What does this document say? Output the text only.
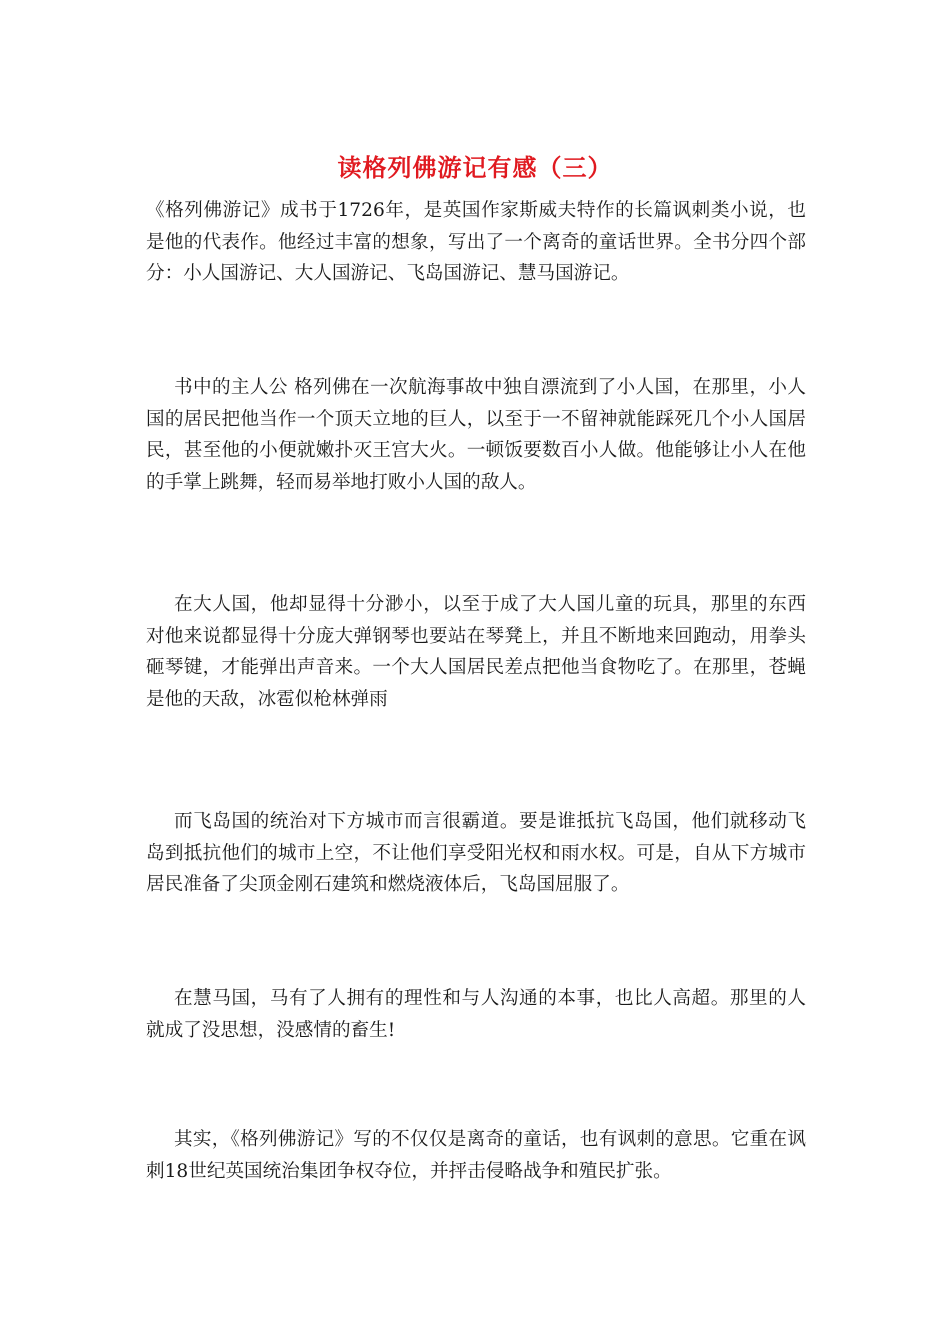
读格列佛游记有感（三）

《格列佛游记》成书于1726年，是英国作家斯威夫特作的长篇讽刺类小说，也是他的代表作。他经过丰富的想象，写出了一个离奇的童话世界。全书分四个部分：小人国游记、大人国游记、飞岛国游记、慧马国游记。

书中的主人公 格列佛在一次航海事故中独自漂流到了小人国，在那里，小人国的居民把他当作一个顶天立地的巨人，以至于一不留神就能踩死几个小人国居民，甚至他的小便就嫩扑灭王宫大火。一顿饭要数百小人做。他能够让小人在他的手掌上跳舞，轻而易举地打败小人国的敌人。

在大人国，他却显得十分渺小，以至于成了大人国儿童的玩具，那里的东西对他来说都显得十分庞大弹钢琴也要站在琴凳上，并且不断地来回跑动，用拳头砸琴键，才能弹出声音来。一个大人国居民差点把他当食物吃了。在那里，苍蝇是他的天敌，冰雹似枪林弹雨

而飞岛国的统治对下方城市而言很霸道。要是谁抵抗飞岛国，他们就移动飞岛到抵抗他们的城市上空，不让他们享受阳光权和雨水权。可是，自从下方城市居民准备了尖顶金刚石建筑和燃烧液体后，飞岛国屈服了。

在慧马国，马有了人拥有的理性和与人沟通的本事，也比人高超。那里的人就成了没思想，没感情的畜生!

其实，《格列佛游记》写的不仅仅是离奇的童话，也有讽刺的意思。它重在讽刺18世纪英国统治集团争权夺位，并抨击侵略战争和殖民扩张。
